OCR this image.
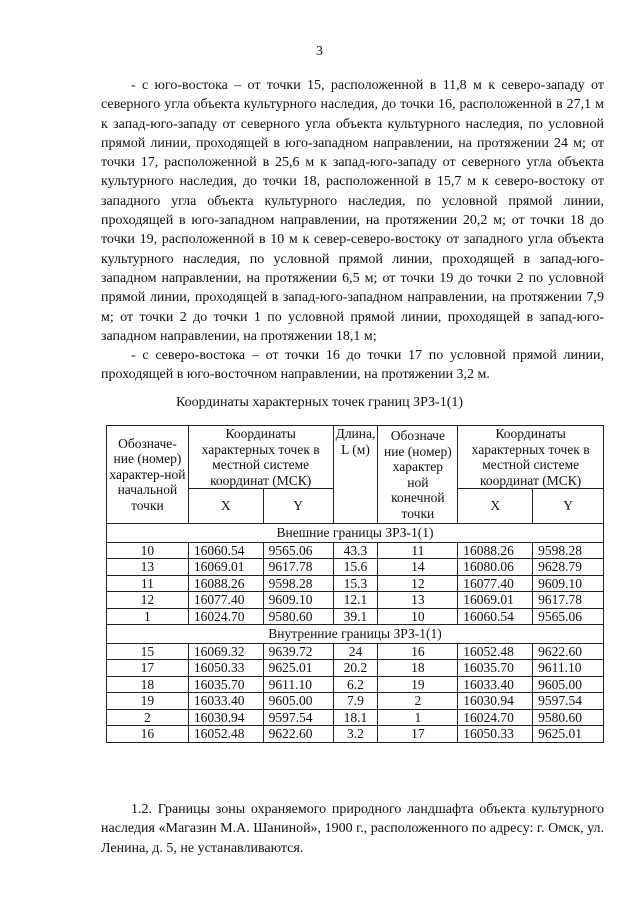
3

- с юго-востока – от точки 15, расположенной в 11,8 м к северо-западу от северного угла объекта культурного наследия, до точки 16, расположенной в 27,1 м к запад-юго-западу от северного угла объекта культурного наследия, по условной прямой линии, проходящей в юго-западном направлении, на протяжении 24 м; от точки 17, расположенной в 25,6 м к запад-юго-западу от северного угла объекта культурного наследия, до точки 18, расположенной в 15,7 м к северо-востоку от западного угла объекта культурного наследия, по условной прямой линии, проходящей в юго-западном направлении, на протяжении 20,2 м; от точки 18 до точки 19, расположенной в 10 м к север-северо-востоку от западного угла объекта культурного наследия, по условной прямой линии, проходящей в запад-юго-западном направлении, на протяжении 6,5 м; от точки 19 до точки 2 по условной прямой линии, проходящей в запад-юго-западном направлении, на протяжении 7,9 м; от точки 2 до точки 1 по условной прямой линии, проходящей в запад-юго-западном направлении, на протяжении 18,1 м;

- с северо-востока – от точки 16 до точки 17 по условной прямой линии, проходящей в юго-восточном направлении, на протяжении 3,2 м.

Координаты характерных точек границ ЗРЗ-1(1)
Обозначе-ние (номер) характер-ной начальной точки	Координаты характерных точек в местной системе координат (МСК)		Длина, L (м)	Обозначе ние (номер) характер ной конечной точки	Координаты характерных точек в местной системе координат (МСК)	
	X	Y			X	Y
Внешние границы ЗРЗ-1(1)						
10	16060.54	9565.06	43.3	11	16088.26	9598.28
13	16069.01	9617.78	15.6	14	16080.06	9628.79
11	16088.26	9598.28	15.3	12	16077.40	9609.10
12	16077.40	9609.10	12.1	13	16069.01	9617.78
1	16024.70	9580.60	39.1	10	16060.54	9565.06
Внутренние границы ЗРЗ-1(1)						
15	16069.32	9639.72	24	16	16052.48	9622.60
17	16050.33	9625.01	20.2	18	16035.70	9611.10
18	16035.70	9611.10	6.2	19	16033.40	9605.00
19	16033.40	9605.00	7.9	2	16030.94	9597.54
2	16030.94	9597.54	18.1	1	16024.70	9580.60
16	16052.48	9622.60	3.2	17	16050.33	9625.01

1.2. Границы зоны охраняемого природного ландшафта объекта культурного наследия «Магазин М.А. Шаниной», 1900 г., расположенного по адресу: г. Омск, ул. Ленина, д. 5, не устанавливаются.
